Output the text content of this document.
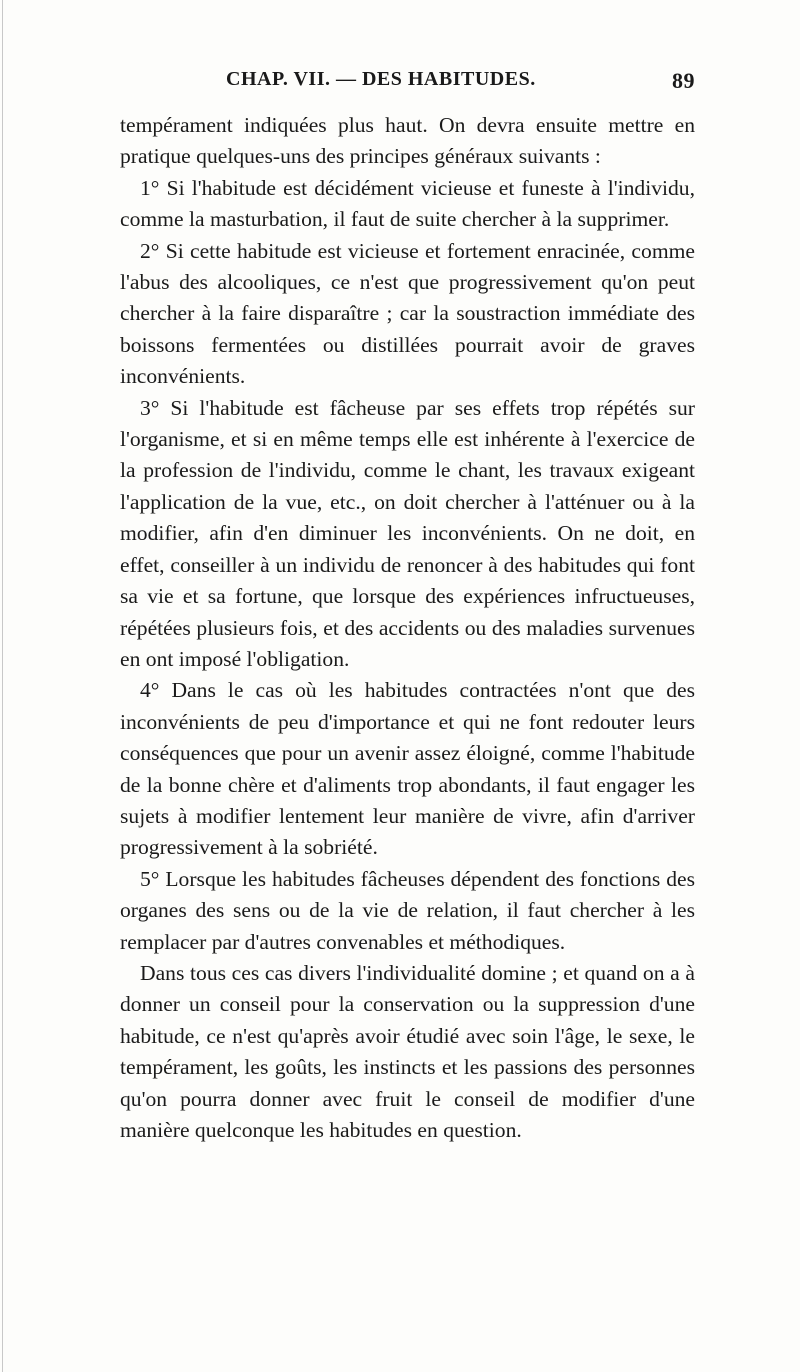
CHAP. VII. — DES HABITUDES.	89

tempérament indiquées plus haut. On devra ensuite mettre en pratique quelques-uns des principes généraux suivants :

1° Si l'habitude est décidément vicieuse et funeste à l'individu, comme la masturbation, il faut de suite chercher à la supprimer.

2° Si cette habitude est vicieuse et fortement enracinée, comme l'abus des alcooliques, ce n'est que progressivement qu'on peut chercher à la faire disparaître ; car la soustraction immédiate des boissons fermentées ou distillées pourrait avoir de graves inconvénients.

3° Si l'habitude est fâcheuse par ses effets trop répétés sur l'organisme, et si en même temps elle est inhérente à l'exercice de la profession de l'individu, comme le chant, les travaux exigeant l'application de la vue, etc., on doit chercher à l'atténuer ou à la modifier, afin d'en diminuer les inconvénients. On ne doit, en effet, conseiller à un individu de renoncer à des habitudes qui font sa vie et sa fortune, que lorsque des expériences infructueuses, répétées plusieurs fois, et des accidents ou des maladies survenues en ont imposé l'obligation.

4° Dans le cas où les habitudes contractées n'ont que des inconvénients de peu d'importance et qui ne font redouter leurs conséquences que pour un avenir assez éloigné, comme l'habitude de la bonne chère et d'aliments trop abondants, il faut engager les sujets à modifier lentement leur manière de vivre, afin d'arriver progressivement à la sobriété.

5° Lorsque les habitudes fâcheuses dépendent des fonctions des organes des sens ou de la vie de relation, il faut chercher à les remplacer par d'autres convenables et méthodiques.

Dans tous ces cas divers l'individualité domine ; et quand on a à donner un conseil pour la conservation ou la suppression d'une habitude, ce n'est qu'après avoir étudié avec soin l'âge, le sexe, le tempérament, les goûts, les instincts et les passions des personnes qu'on pourra donner avec fruit le conseil de modifier d'une manière quelconque les habitudes en question.
